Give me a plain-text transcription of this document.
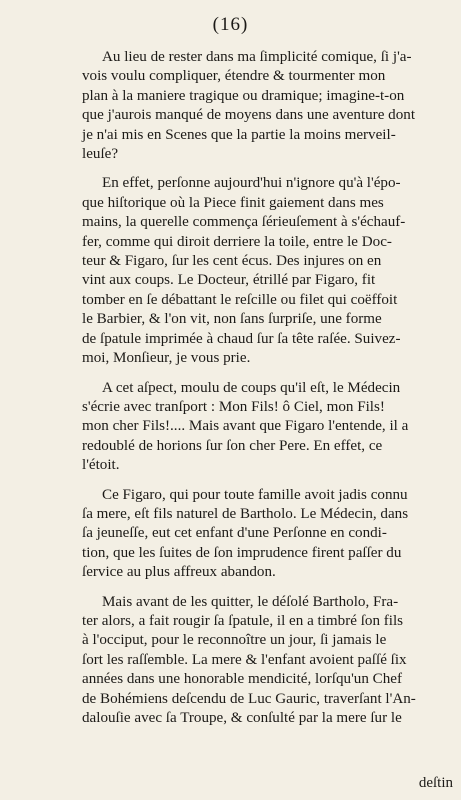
(16)

Au lieu de rester dans ma ſimplicité comique, ſi j'a-
vois voulu compliquer, étendre & tourmenter mon
plan à la maniere tragique ou dramique; imagine-t-on
que j'aurois manqué de moyens dans une aventure dont
je n'ai mis en Scenes que la partie la moins merveil-
leuſe?

En effet, perſonne aujourd'hui n'ignore qu'à l'épo-
que hiſtorique où la Piece finit gaiement dans mes
mains, la querelle commença ſérieuſement à s'échauf-
fer, comme qui diroit derriere la toile, entre le Doc-
teur & Figaro, ſur les cent écus. Des injures on en
vint aux coups. Le Docteur, étrillé par Figaro, fit
tomber en ſe débattant le reſcille ou filet qui coëffoit
le Barbier, & l'on vit, non ſans ſurpriſe, une forme
de ſpatule imprimée à chaud ſur ſa tête raſée. Suivez-
moi, Monſieur, je vous prie.

A cet aſpect, moulu de coups qu'il eſt, le Médecin
s'écrie avec tranſport : Mon Fils! ô Ciel, mon Fils!
mon cher Fils!.... Mais avant que Figaro l'entende, il a
redoublé de horions ſur ſon cher Pere. En effet, ce
l'étoit.

Ce Figaro, qui pour toute famille avoit jadis connu
ſa mere, eſt fils naturel de Bartholo. Le Médecin, dans
ſa jeuneſſe, eut cet enfant d'une Perſonne en condi-
tion, que les ſuites de ſon imprudence firent paſſer du
ſervice au plus affreux abandon.

Mais avant de les quitter, le déſolé Bartholo, Fra-
ter alors, a fait rougir ſa ſpatule, il en a timbré ſon fils
à l'occiput, pour le reconnoître un jour, ſi jamais le
ſort les raſſemble. La mere & l'enfant avoient paſſé ſix
années dans une honorable mendicité, lorſqu'un Chef
de Bohémiens deſcendu de Luc Gauric, traverſant l'An-
dalouſie avec ſa Troupe, & conſulté par la mere ſur le

deſtin
